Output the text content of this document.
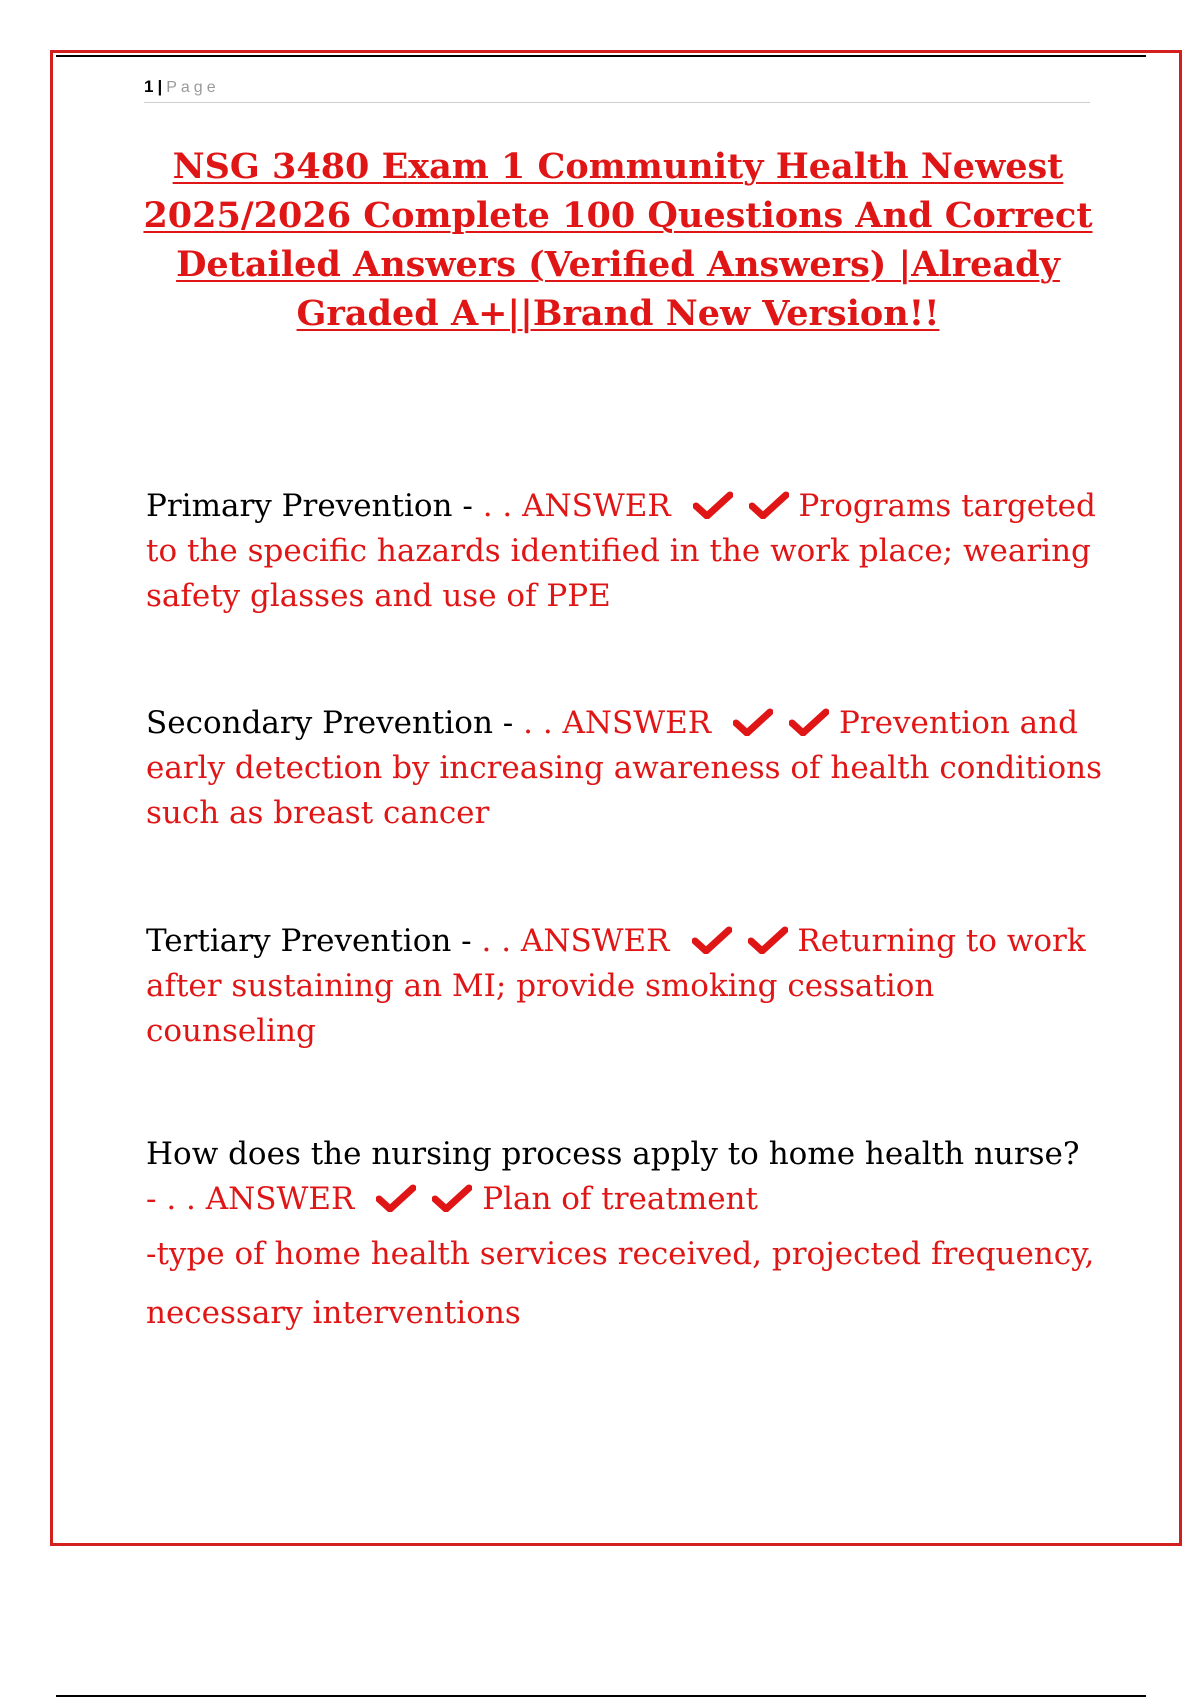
1 | Page
NSG 3480 Exam 1 Community Health Newest 2025/2026 Complete 100 Questions And Correct Detailed Answers (Verified Answers) |Already Graded A+||Brand New Version!!
Primary Prevention - . . ANSWER	Programs targeted to the specific hazards identified in the work place; wearing safety glasses and use of PPE
Secondary Prevention - . . ANSWER	Prevention and early detection by increasing awareness of health conditions such as breast cancer
Tertiary Prevention - . . ANSWER	Returning to work after sustaining an MI; provide smoking cessation counseling
How does the nursing process apply to home health nurse?
- . . ANSWER	Plan of treatment
-type of home health services received, projected frequency,
necessary interventions
